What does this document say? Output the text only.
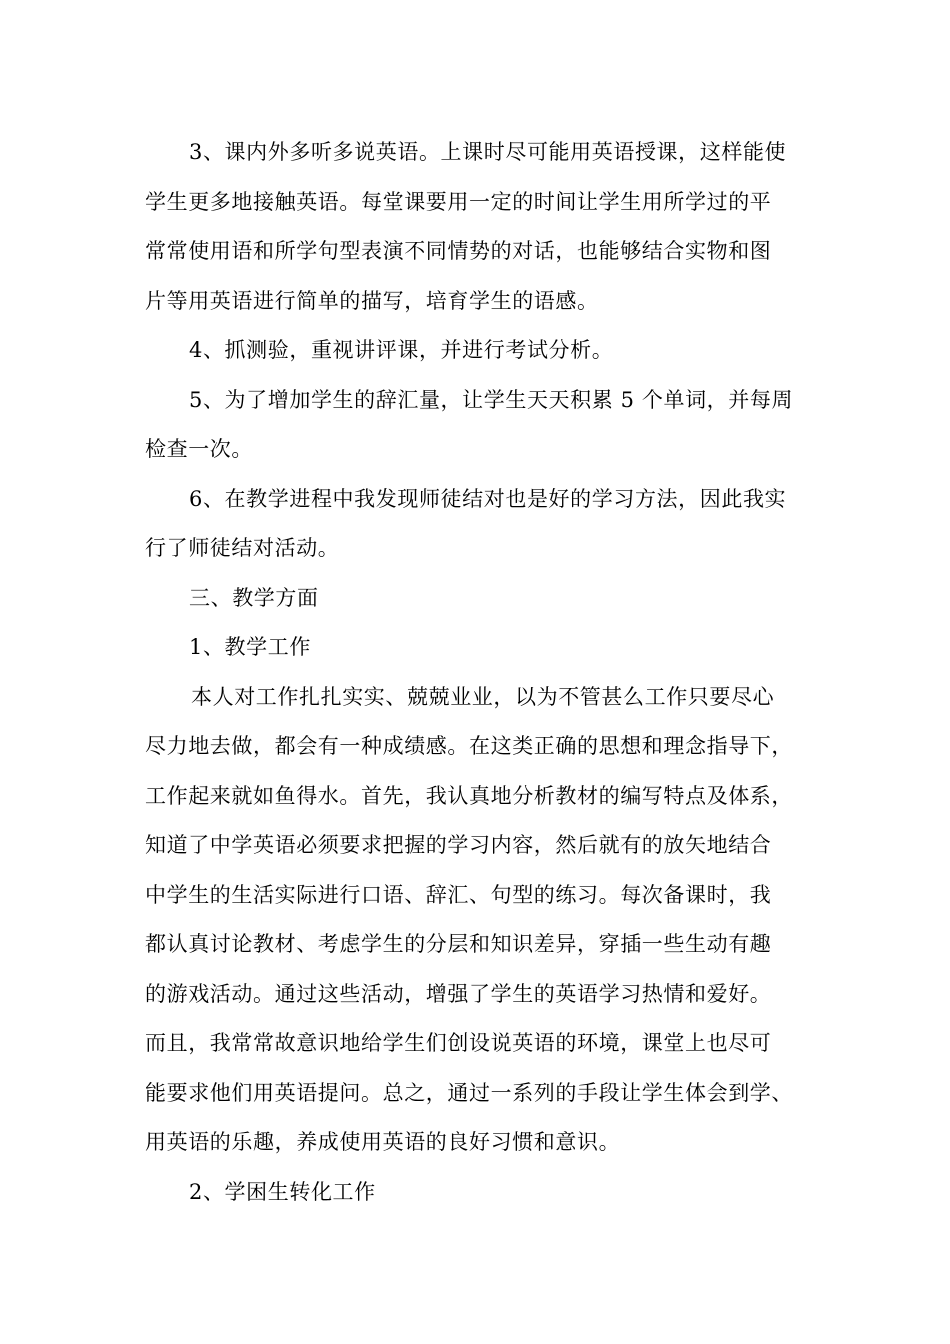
3、课内外多听多说英语。上课时尽可能用英语授课，这样能使
学生更多地接触英语。每堂课要用一定的时间让学生用所学过的平
常常使用语和所学句型表演不同情势的对话，也能够结合实物和图
片等用英语进行简单的描写，培育学生的语感。

4、抓测验，重视讲评课，并进行考试分析。

5、为了增加学生的辞汇量，让学生天天积累 5 个单词，并每周
检查一次。

6、在教学进程中我发现师徒结对也是好的学习方法，因此我实
行了师徒结对活动。

三、教学方面

1、教学工作

本人对工作扎扎实实、兢兢业业，以为不管甚么工作只要尽心
尽力地去做，都会有一种成绩感。在这类正确的思想和理念指导下，
工作起来就如鱼得水。首先，我认真地分析教材的编写特点及体系，
知道了中学英语必须要求把握的学习内容，然后就有的放矢地结合
中学生的生活实际进行口语、辞汇、句型的练习。每次备课时，我
都认真讨论教材、考虑学生的分层和知识差异，穿插一些生动有趣
的游戏活动。通过这些活动，增强了学生的英语学习热情和爱好。
而且，我常常故意识地给学生们创设说英语的环境，课堂上也尽可
能要求他们用英语提问。总之，通过一系列的手段让学生体会到学、
用英语的乐趣，养成使用英语的良好习惯和意识。

2、学困生转化工作
